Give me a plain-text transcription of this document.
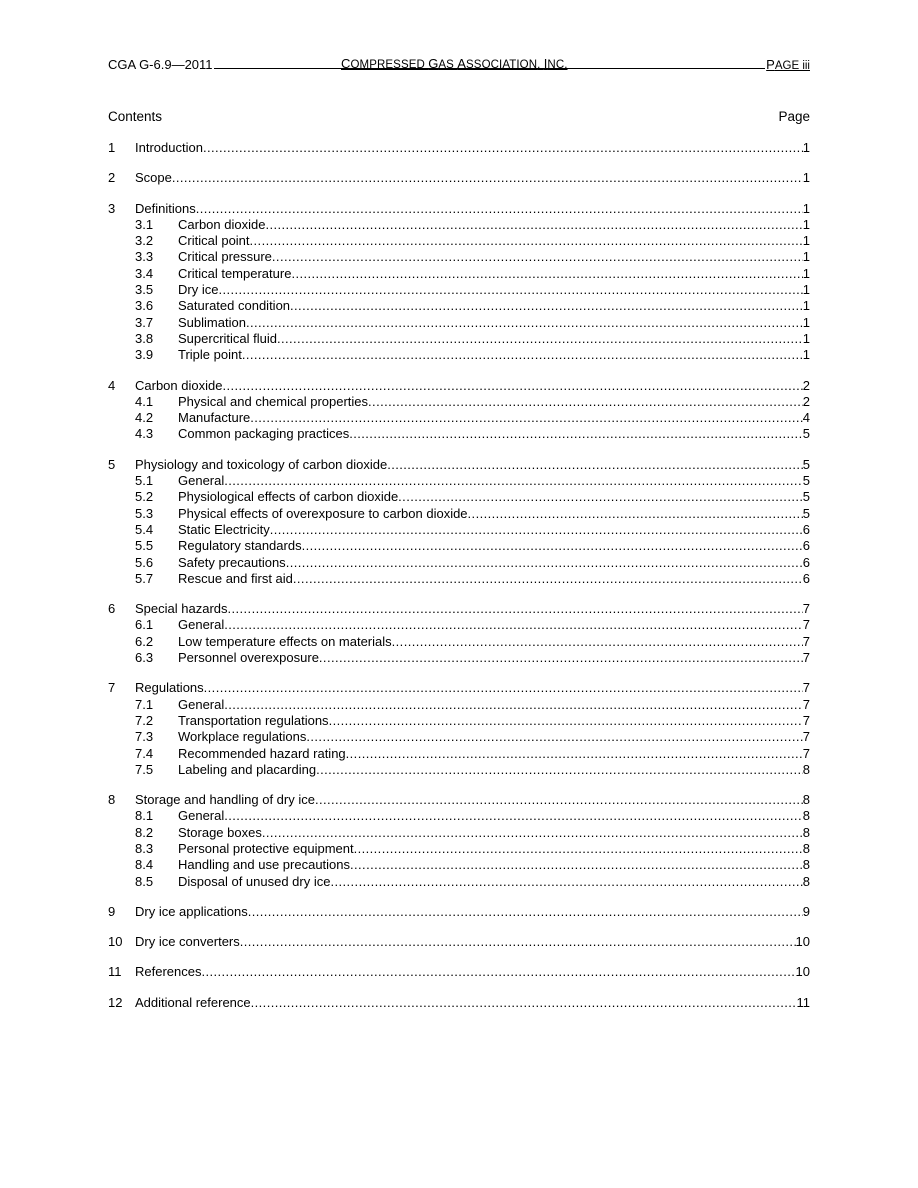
CGA G-6.9—2011	COMPRESSED GAS ASSOCIATION, INC.	PAGE iii
Contents	Page
1	Introduction .....	1
2	Scope .....	1
3	Definitions .....	1
3.1	Carbon dioxide .....	1
3.2	Critical point .....	1
3.3	Critical pressure .....	1
3.4	Critical temperature .....	1
3.5	Dry ice .....	1
3.6	Saturated condition .....	1
3.7	Sublimation .....	1
3.8	Supercritical fluid .....	1
3.9	Triple point .....	1
4	Carbon dioxide .....	2
4.1	Physical and chemical properties .....	2
4.2	Manufacture .....	4
4.3	Common packaging practices .....	5
5	Physiology and toxicology of carbon dioxide .....	5
5.1	General .....	5
5.2	Physiological effects of carbon dioxide .....	5
5.3	Physical effects of overexposure to carbon dioxide .....	5
5.4	Static Electricity .....	6
5.5	Regulatory standards .....	6
5.6	Safety precautions .....	6
5.7	Rescue and first aid .....	6
6	Special hazards .....	7
6.1	General .....	7
6.2	Low temperature effects on materials .....	7
6.3	Personnel overexposure .....	7
7	Regulations .....	7
7.1	General .....	7
7.2	Transportation regulations .....	7
7.3	Workplace regulations .....	7
7.4	Recommended hazard rating .....	7
7.5	Labeling and placarding .....	8
8	Storage and handling of dry ice .....	8
8.1	General .....	8
8.2	Storage boxes .....	8
8.3	Personal protective equipment .....	8
8.4	Handling and use precautions .....	8
8.5	Disposal of unused dry ice .....	8
9	Dry ice applications .....	9
10 Dry ice converters .....	10
11	References .....	10
12 Additional reference .....	11
